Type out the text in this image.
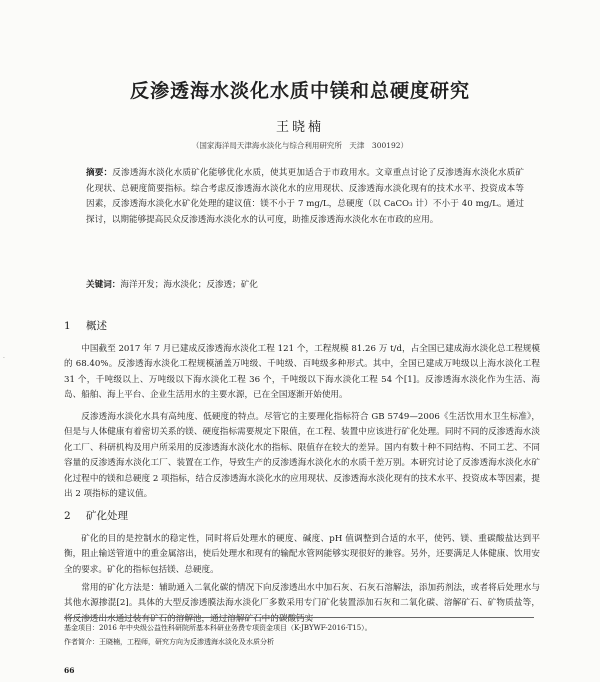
·
反渗透海水淡化水质中镁和总硬度研究
王晓楠
（国家海洋局天津海水淡化与综合利用研究所　天津　300192）
摘要：反渗透海水淡化水质矿化能够优化水质，使其更加适合于市政用水。文章重点讨论了反渗透海水淡化水质矿化现状、总硬度简要指标。综合考虑反渗透海水淡化水的应用现状、反渗透海水淡化现有的技术水平、投资成本等因素，反渗透海水淡化水矿化处理的建议值：镁不小于 7 mg/L，总硬度（以 CaCO₃ 计）不小于 40 mg/L。通过探讨，以期能够提高民众反渗透海水淡化水的认可度，助推反渗透海水淡化水在市政的应用。
关键词：海洋开发；海水淡化；反渗透；矿化
1 概述
中国截至 2017 年 7 月已建成反渗透海水淡化工程 121 个，工程规模 81.26 万 t/d，占全国已建成海水淡化总工程规模的 68.40%。反渗透海水淡化工程规模涵盖万吨级、千吨级、百吨级多种形式。其中，全国已建成万吨级以上海水淡化工程 31 个，千吨级以上、万吨级以下海水淡化工程 36 个，千吨级以下海水淡化工程 54 个[1]。反渗透海水淡化作为生活、海岛、船舶、海上平台、企业生活用水的主要水源，已在全国逐渐开始使用。
反渗透海水淡化水具有高纯度、低硬度的特点。尽管它的主要理化指标符合 GB 5749—2006《生活饮用水卫生标准》，但是与人体健康有着密切关系的镁、硬度指标需要规定下限值，在工程、装置中应该进行矿化处理。同时不同的反渗透海水淡化工厂、科研机构及用户所采用的反渗透海水淡化水的指标、限值存在较大的差异。国内有数十种不同结构、不同工艺、不同容量的反渗透海水淡化工厂、装置在工作，导致生产的反渗透海水淡化水的水质千差万别。本研究讨论了反渗透海水淡化水矿化过程中的镁和总硬度 2 项指标，结合反渗透海水淡化水的应用现状、反渗透海水淡化现有的技术水平、投资成本等因素，提出 2 项指标的建议值。
2 矿化处理
矿化的目的是控制水的稳定性，同时将后处理水的硬度、碱度、pH 值调整到合适的水平，使钙、镁、重碳酸盐达到平衡，阻止输送管道中的重金属溶出，使后处理水和现有的输配水管网能够实现很好的兼容。另外，还要满足人体健康、饮用安全的要求。矿化的指标包括镁、总硬度。
常用的矿化方法是：辅助通入二氧化碳的情况下向反渗透出水中加石灰、石灰石溶解法，添加药剂法，或者将后处理水与其他水源掺混[2]。具体的大型反渗透膜法海水淡化厂多数采用专门矿化装置添加石灰和二氧化碳、溶解矿石、矿物质盐等，将反渗透出水通过装有矿石的溶解池，通过溶解矿石中的碳酸钙实
基金项目：2016 年中央级公益性科研院所基本科研业务费专项资金项目（K-JBYWF-2016-T15）。
作者简介：王晓楠，工程师，研究方向为反渗透海水淡化及水质分析
66
